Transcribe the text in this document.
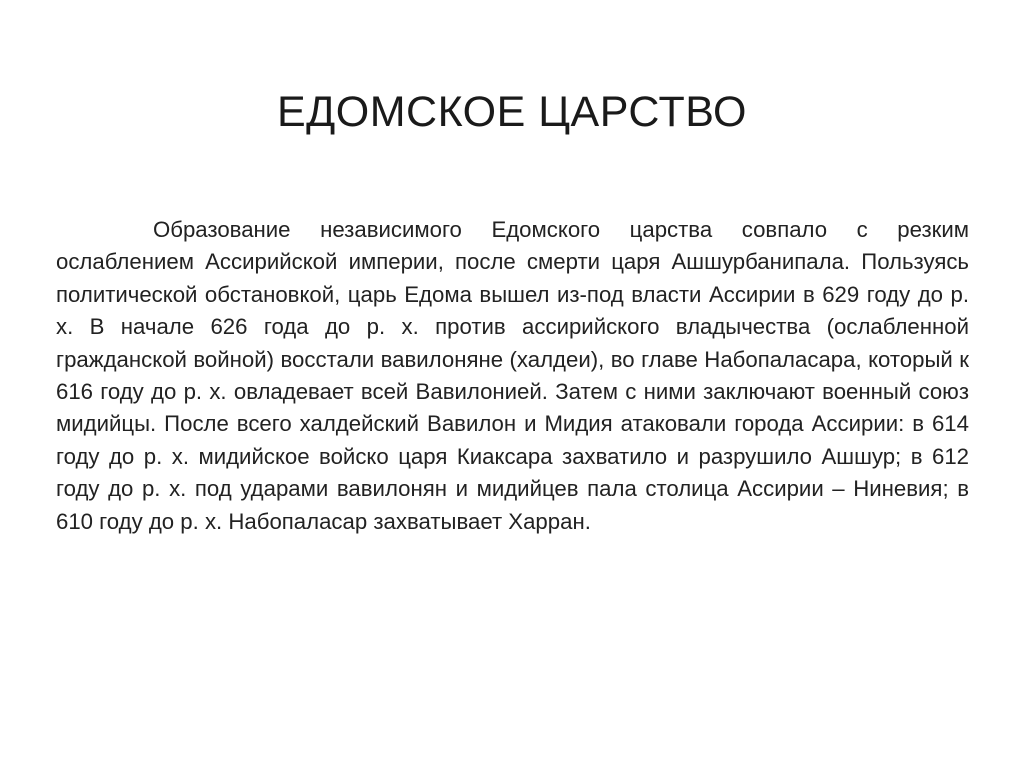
ЕДОМСКОЕ ЦАРСТВО

Образование независимого Едомского царства совпало с резким ослаблением Ассирийской империи, после смерти царя Ашшурбанипала. Пользуясь политической обстановкой, царь Едома вышел из-под власти Ассирии в 629 году до р. х. В начале 626 года до р. х. против ассирийского владычества (ослабленной гражданской войной) восстали вавилоняне (халдеи), во главе Набопаласара, который к 616 году до р. х. овладевает всей Вавилонией. Затем с ними заключают военный союз мидийцы. После всего халдейский Вавилон и Мидия атаковали города Ассирии: в 614 году до р. х. мидийское войско царя Киаксара захватило и разрушило Ашшур; в 612 году до р. х. под ударами вавилонян и мидийцев пала столица Ассирии – Ниневия; в 610 году до р. х. Набопаласар захватывает Харран.
